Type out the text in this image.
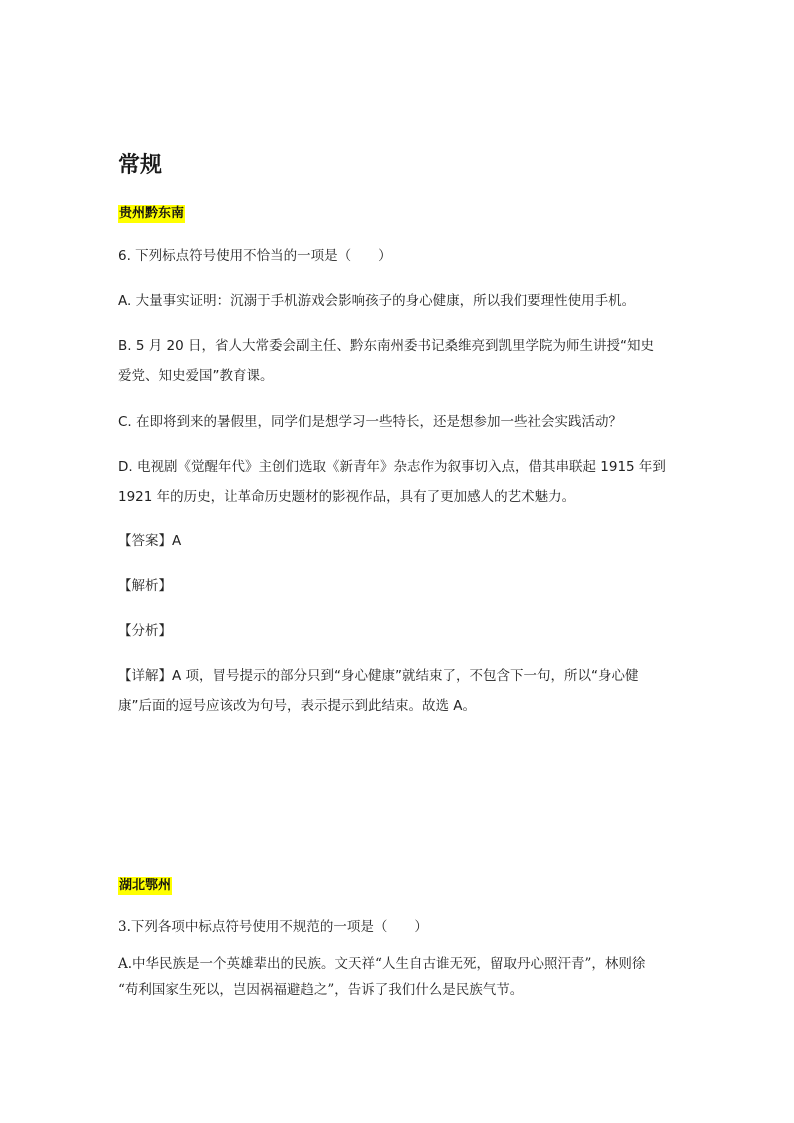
常规
贵州黔东南

6. 下列标点符号使用不恰当的一项是（　　）

A. 大量事实证明：沉溺于手机游戏会影响孩子的身心健康，所以我们要理性使用手机。

B. 5 月 20 日，省人大常委会副主任、黔东南州委书记桑维亮到凯里学院为师生讲授“知史

爱党、知史爱国”教育课。

C. 在即将到来的暑假里，同学们是想学习一些特长，还是想参加一些社会实践活动？

D. 电视剧《觉醒年代》主创们选取《新青年》杂志作为叙事切入点，借其串联起 1915 年到

1921 年的历史，让革命历史题材的影视作品，具有了更加感人的艺术魅力。

【答案】A

【解析】

【分析】

【详解】A 项，冒号提示的部分只到“身心健康”就结束了，不包含下一句，所以“身心健

康”后面的逗号应该改为句号，表示提示到此结束。故选 A。

湖北鄂州

3.下列各项中标点符号使用不规范的一项是（　　）

A.中华民族是一个英雄辈出的民族。文天祥“人生自古谁无死，留取丹心照汗青”，林则徐

“苟利国家生死以，岂因祸福避趋之”，告诉了我们什么是民族气节。
